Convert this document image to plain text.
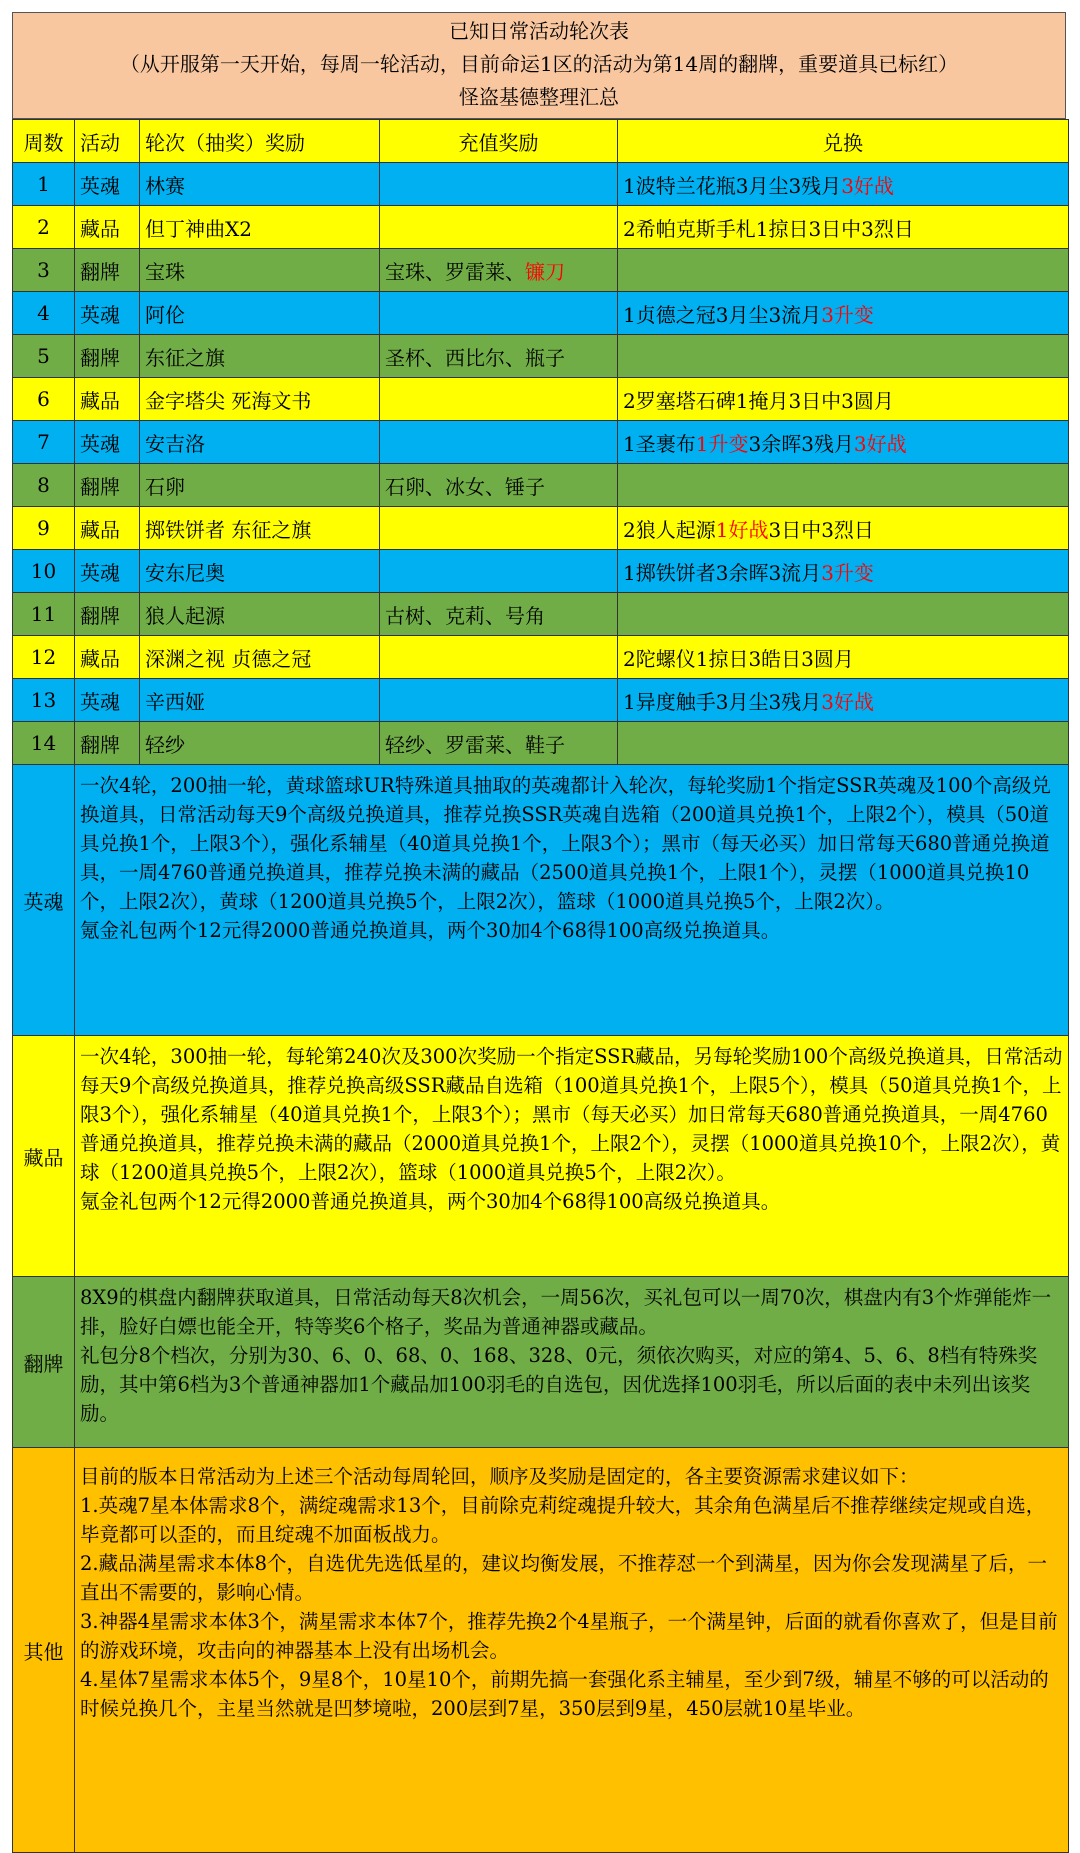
已知日常活动轮次表
（从开服第一天开始，每周一轮活动，目前命运1区的活动为第14周的翻牌，重要道具已标红）
怪盗基德整理汇总
周数	活动	轮次（抽奖）奖励	充值奖励	兑换
1	英魂	林赛		1波特兰花瓶3月尘3残月3好战
2	藏品	但丁神曲X2		2希帕克斯手札1掠日3日中3烈日
3	翻牌	宝珠	宝珠、罗雷莱、镰刀	
4	英魂	阿伦		1贞德之冠3月尘3流月3升变
5	翻牌	东征之旗	圣杯、西比尔、瓶子	
6	藏品	金字塔尖 死海文书		2罗塞塔石碑1掩月3日中3圆月
7	英魂	安吉洛		1圣裹布1升变3余晖3残月3好战
8	翻牌	石卵	石卵、冰女、锤子	
9	藏品	掷铁饼者 东征之旗		2狼人起源1好战3日中3烈日
10	英魂	安东尼奥		1掷铁饼者3余晖3流月3升变
11	翻牌	狼人起源	古树、克莉、号角	
12	藏品	深渊之视 贞德之冠		2陀螺仪1掠日3皓日3圆月
13	英魂	辛西娅		1异度触手3月尘3残月3好战
14	翻牌	轻纱	轻纱、罗雷莱、鞋子	
英魂	一次4轮，200抽一轮，黄球篮球UR特殊道具抽取的英魂都计入轮次，每轮奖励1个指定SSR英魂及100个高级兑换道具，日常活动每天9个高级兑换道具，推荐兑换SSR英魂自选箱（200道具兑换1个，上限2个），模具（50道具兑换1个，上限3个），强化系辅星（40道具兑换1个，上限3个）；黑市（每天必买）加日常每天680普通兑换道具，一周4760普通兑换道具，推荐兑换未满的藏品（2500道具兑换1个，上限1个），灵摆（1000道具兑换10个，上限2次），黄球（1200道具兑换5个，上限2次），篮球（1000道具兑换5个，上限2次）。

氪金礼包两个12元得2000普通兑换道具，两个30加4个68得100高级兑换道具。			

藏品	一次4轮，300抽一轮，每轮第240次及300次奖励一个指定SSR藏品，另每轮奖励100个高级兑换道具，日常活动每天9个高级兑换道具，推荐兑换高级SSR藏品自选箱（100道具兑换1个，上限5个），模具（50道具兑换1个，上限3个），强化系辅星（40道具兑换1个，上限3个）；黑市（每天必买）加日常每天680普通兑换道具，一周4760普通兑换道具，推荐兑换未满的藏品（2000道具兑换1个，上限2个），灵摆（1000道具兑换10个，上限2次），黄球（1200道具兑换5个，上限2次），篮球（1000道具兑换5个，上限2次）。

氪金礼包两个12元得2000普通兑换道具，两个30加4个68得100高级兑换道具。			

翻牌	8X9的棋盘内翻牌获取道具，日常活动每天8次机会，一周56次，买礼包可以一周70次，棋盘内有3个炸弹能炸一排，脸好白嫖也能全开，特等奖6个格子，奖品为普通神器或藏品。

礼包分8个档次，分别为30、6、0、68、0、168、328、0元，须依次购买，对应的第4、5、6、8档有特殊奖励，其中第6档为3个普通神器加1个藏品加100羽毛的自选包，因优选择100羽毛，所以后面的表中未列出该奖励。			

其他	目前的版本日常活动为上述三个活动每周轮回，顺序及奖励是固定的，各主要资源需求建议如下：

1.英魂7星本体需求8个，满绽魂需求13个，目前除克莉绽魂提升较大，其余角色满星后不推荐继续定规或自选，毕竟都可以歪的，而且绽魂不加面板战力。

2.藏品满星需求本体8个，自选优先选低星的，建议均衡发展，不推荐怼一个到满星，因为你会发现满星了后，一直出不需要的，影响心情。

3.神器4星需求本体3个，满星需求本体7个，推荐先换2个4星瓶子，一个满星钟，后面的就看你喜欢了，但是目前的游戏环境，攻击向的神器基本上没有出场机会。

4.星体7星需求本体5个，9星8个，10星10个，前期先搞一套强化系主辅星，至少到7级，辅星不够的可以活动的时候兑换几个，主星当然就是凹梦境啦，200层到7星，350层到9星，450层就10星毕业。			
